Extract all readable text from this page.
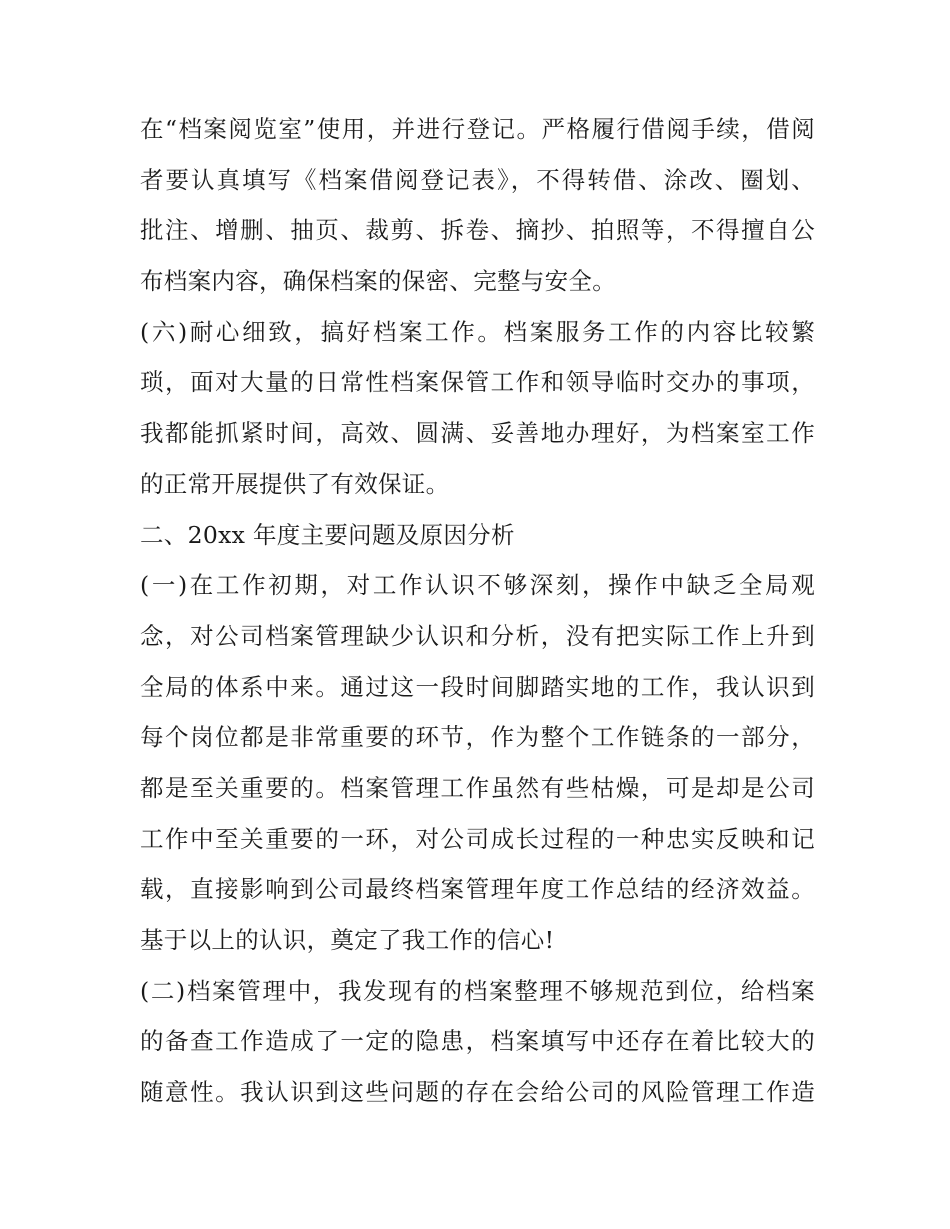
在“档案阅览室”使用，并进行登记。严格履行借阅手续，借阅
者要认真填写《档案借阅登记表》，不得转借、涂改、圈划、
批注、增删、抽页、裁剪、拆卷、摘抄、拍照等，不得擅自公
布档案内容，确保档案的保密、完整与安全。
(六)耐心细致，搞好档案工作。档案服务工作的内容比较繁
琐，面对大量的日常性档案保管工作和领导临时交办的事项，
我都能抓紧时间，高效、圆满、妥善地办理好，为档案室工作
的正常开展提供了有效保证。
二、20xx 年度主要问题及原因分析
(一)在工作初期，对工作认识不够深刻，操作中缺乏全局观
念，对公司档案管理缺少认识和分析，没有把实际工作上升到
全局的体系中来。通过这一段时间脚踏实地的工作，我认识到
每个岗位都是非常重要的环节，作为整个工作链条的一部分，
都是至关重要的。档案管理工作虽然有些枯燥，可是却是公司
工作中至关重要的一环，对公司成长过程的一种忠实反映和记
载，直接影响到公司最终档案管理年度工作总结的经济效益。
基于以上的认识，奠定了我工作的信心!
(二)档案管理中，我发现有的档案整理不够规范到位，给档案
的备查工作造成了一定的隐患，档案填写中还存在着比较大的
随意性。我认识到这些问题的存在会给公司的风险管理工作造
